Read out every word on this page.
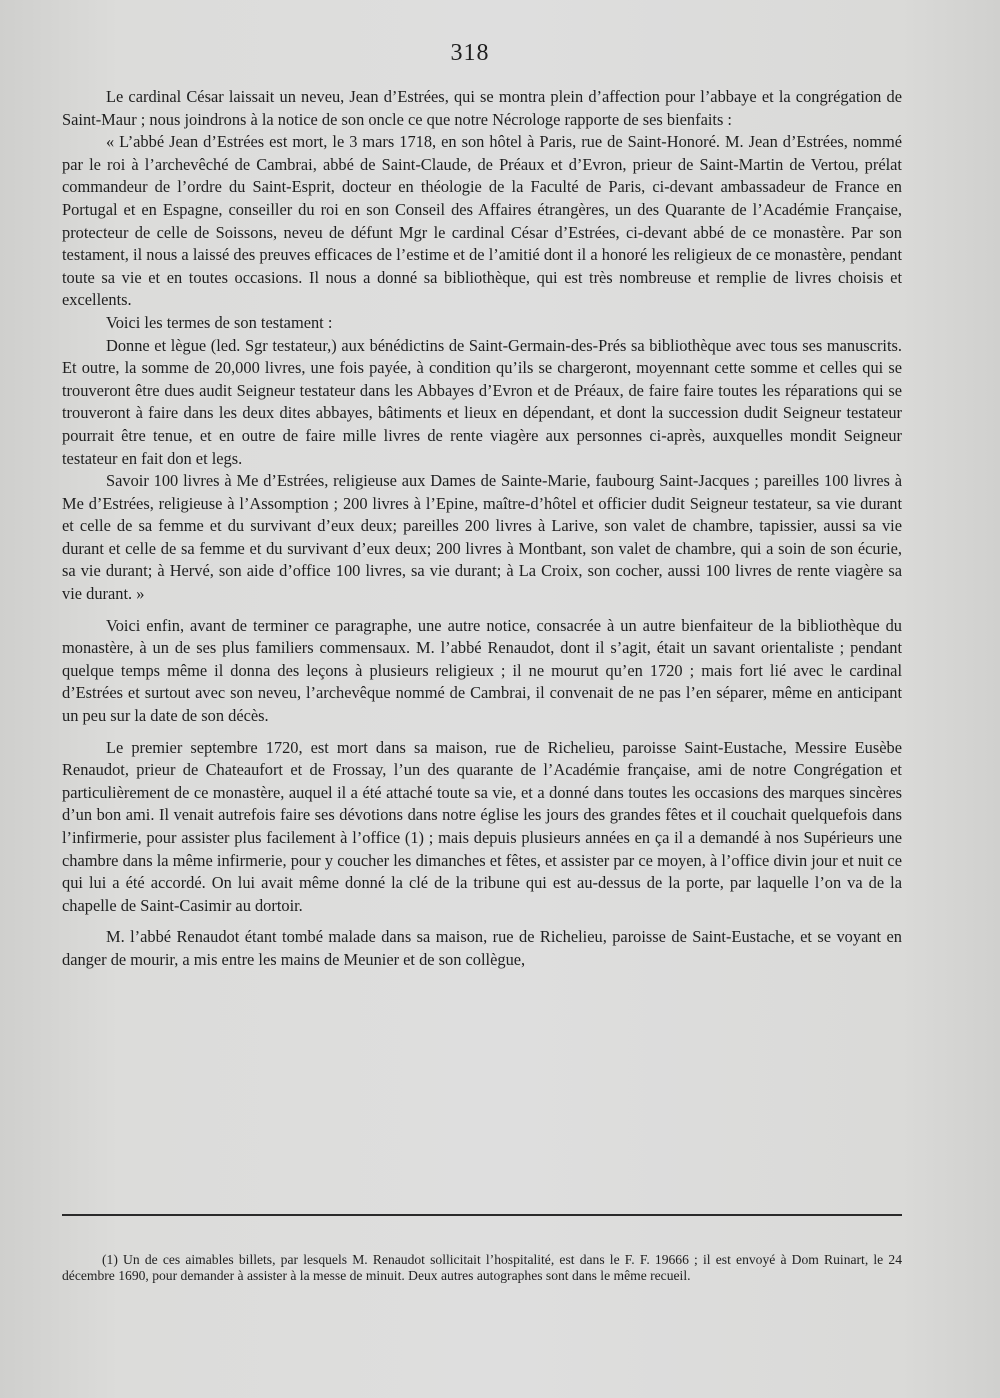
318

Le cardinal César laissait un neveu, Jean d’Estrées, qui se montra plein d’affection pour l’abbaye et la congrégation de Saint-Maur ; nous joindrons à la notice de son oncle ce que notre Nécrologe rapporte de ses bienfaits :

« L’abbé Jean d’Estrées est mort, le 3 mars 1718, en son hôtel à Paris, rue de Saint-Honoré. M. Jean d’Estrées, nommé par le roi à l’archevêché de Cambrai, abbé de Saint-Claude, de Préaux et d’Evron, prieur de Saint-Martin de Vertou, prélat commandeur de l’ordre du Saint-Esprit, docteur en théologie de la Faculté de Paris, ci-devant ambassadeur de France en Portugal et en Espagne, conseiller du roi en son Conseil des Affaires étrangères, un des Quarante de l’Académie Française, protecteur de celle de Soissons, neveu de défunt Mgr le cardinal César d’Estrées, ci-devant abbé de ce monastère. Par son testament, il nous a laissé des preuves efficaces de l’estime et de l’amitié dont il a honoré les religieux de ce monastère, pendant toute sa vie et en toutes occasions. Il nous a donné sa bibliothèque, qui est très nombreuse et remplie de livres choisis et excellents.

Voici les termes de son testament :

Donne et lègue (led. Sgr testateur,) aux bénédictins de Saint-Germain-des-Prés sa bibliothèque avec tous ses manuscrits. Et outre, la somme de 20,000 livres, une fois payée, à condition qu’ils se chargeront, moyennant cette somme et celles qui se trouveront être dues audit Seigneur testateur dans les Abbayes d’Evron et de Préaux, de faire faire toutes les réparations qui se trouveront à faire dans les deux dites abbayes, bâtiments et lieux en dépendant, et dont la succession dudit Seigneur testateur pourrait être tenue, et en outre de faire mille livres de rente viagère aux personnes ci-après, auxquelles mondit Seigneur testateur en fait don et legs.

Savoir 100 livres à Me d’Estrées, religieuse aux Dames de Sainte-Marie, faubourg Saint-Jacques ; pareilles 100 livres à Me d’Estrées, religieuse à l’Assomption ; 200 livres à l’Epine, maître-d’hôtel et officier dudit Seigneur testateur, sa vie durant et celle de sa femme et du survivant d’eux deux; pareilles 200 livres à Larive, son valet de chambre, tapissier, aussi sa vie durant et celle de sa femme et du survivant d’eux deux; 200 livres à Montbant, son valet de chambre, qui a soin de son écurie, sa vie durant; à Hervé, son aide d’office 100 livres, sa vie durant; à La Croix, son cocher, aussi 100 livres de rente viagère sa vie durant. »

Voici enfin, avant de terminer ce paragraphe, une autre notice, consacrée à un autre bienfaiteur de la bibliothèque du monastère, à un de ses plus familiers commensaux. M. l’abbé Renaudot, dont il s’agit, était un savant orientaliste ; pendant quelque temps même il donna des leçons à plusieurs religieux ; il ne mourut qu’en 1720 ; mais fort lié avec le cardinal d’Estrées et surtout avec son neveu, l’archevêque nommé de Cambrai, il convenait de ne pas l’en séparer, même en anticipant un peu sur la date de son décès.

Le premier septembre 1720, est mort dans sa maison, rue de Richelieu, paroisse Saint-Eustache, Messire Eusèbe Renaudot, prieur de Chateaufort et de Frossay, l’un des quarante de l’Académie française, ami de notre Congrégation et particulièrement de ce monastère, auquel il a été attaché toute sa vie, et a donné dans toutes les occasions des marques sincères d’un bon ami. Il venait autrefois faire ses dévotions dans notre église les jours des grandes fêtes et il couchait quelquefois dans l’infirmerie, pour assister plus facilement à l’office (1) ; mais depuis plusieurs années en ça il a demandé à nos Supérieurs une chambre dans la même infirmerie, pour y coucher les dimanches et fêtes, et assister par ce moyen, à l’office divin jour et nuit ce qui lui a été accordé. On lui avait même donné la clé de la tribune qui est au-dessus de la porte, par laquelle l’on va de la chapelle de Saint-Casimir au dortoir.

M. l’abbé Renaudot étant tombé malade dans sa maison, rue de Richelieu, paroisse de Saint-Eustache, et se voyant en danger de mourir, a mis entre les mains de Meunier et de son collègue,

(1) Un de ces aimables billets, par lesquels M. Renaudot sollicitait l’hospitalité, est dans le F. F. 19666 ; il est envoyé à Dom Ruinart, le 24 décembre 1690, pour demander à assister à la messe de minuit. Deux autres autographes sont dans le même recueil.
